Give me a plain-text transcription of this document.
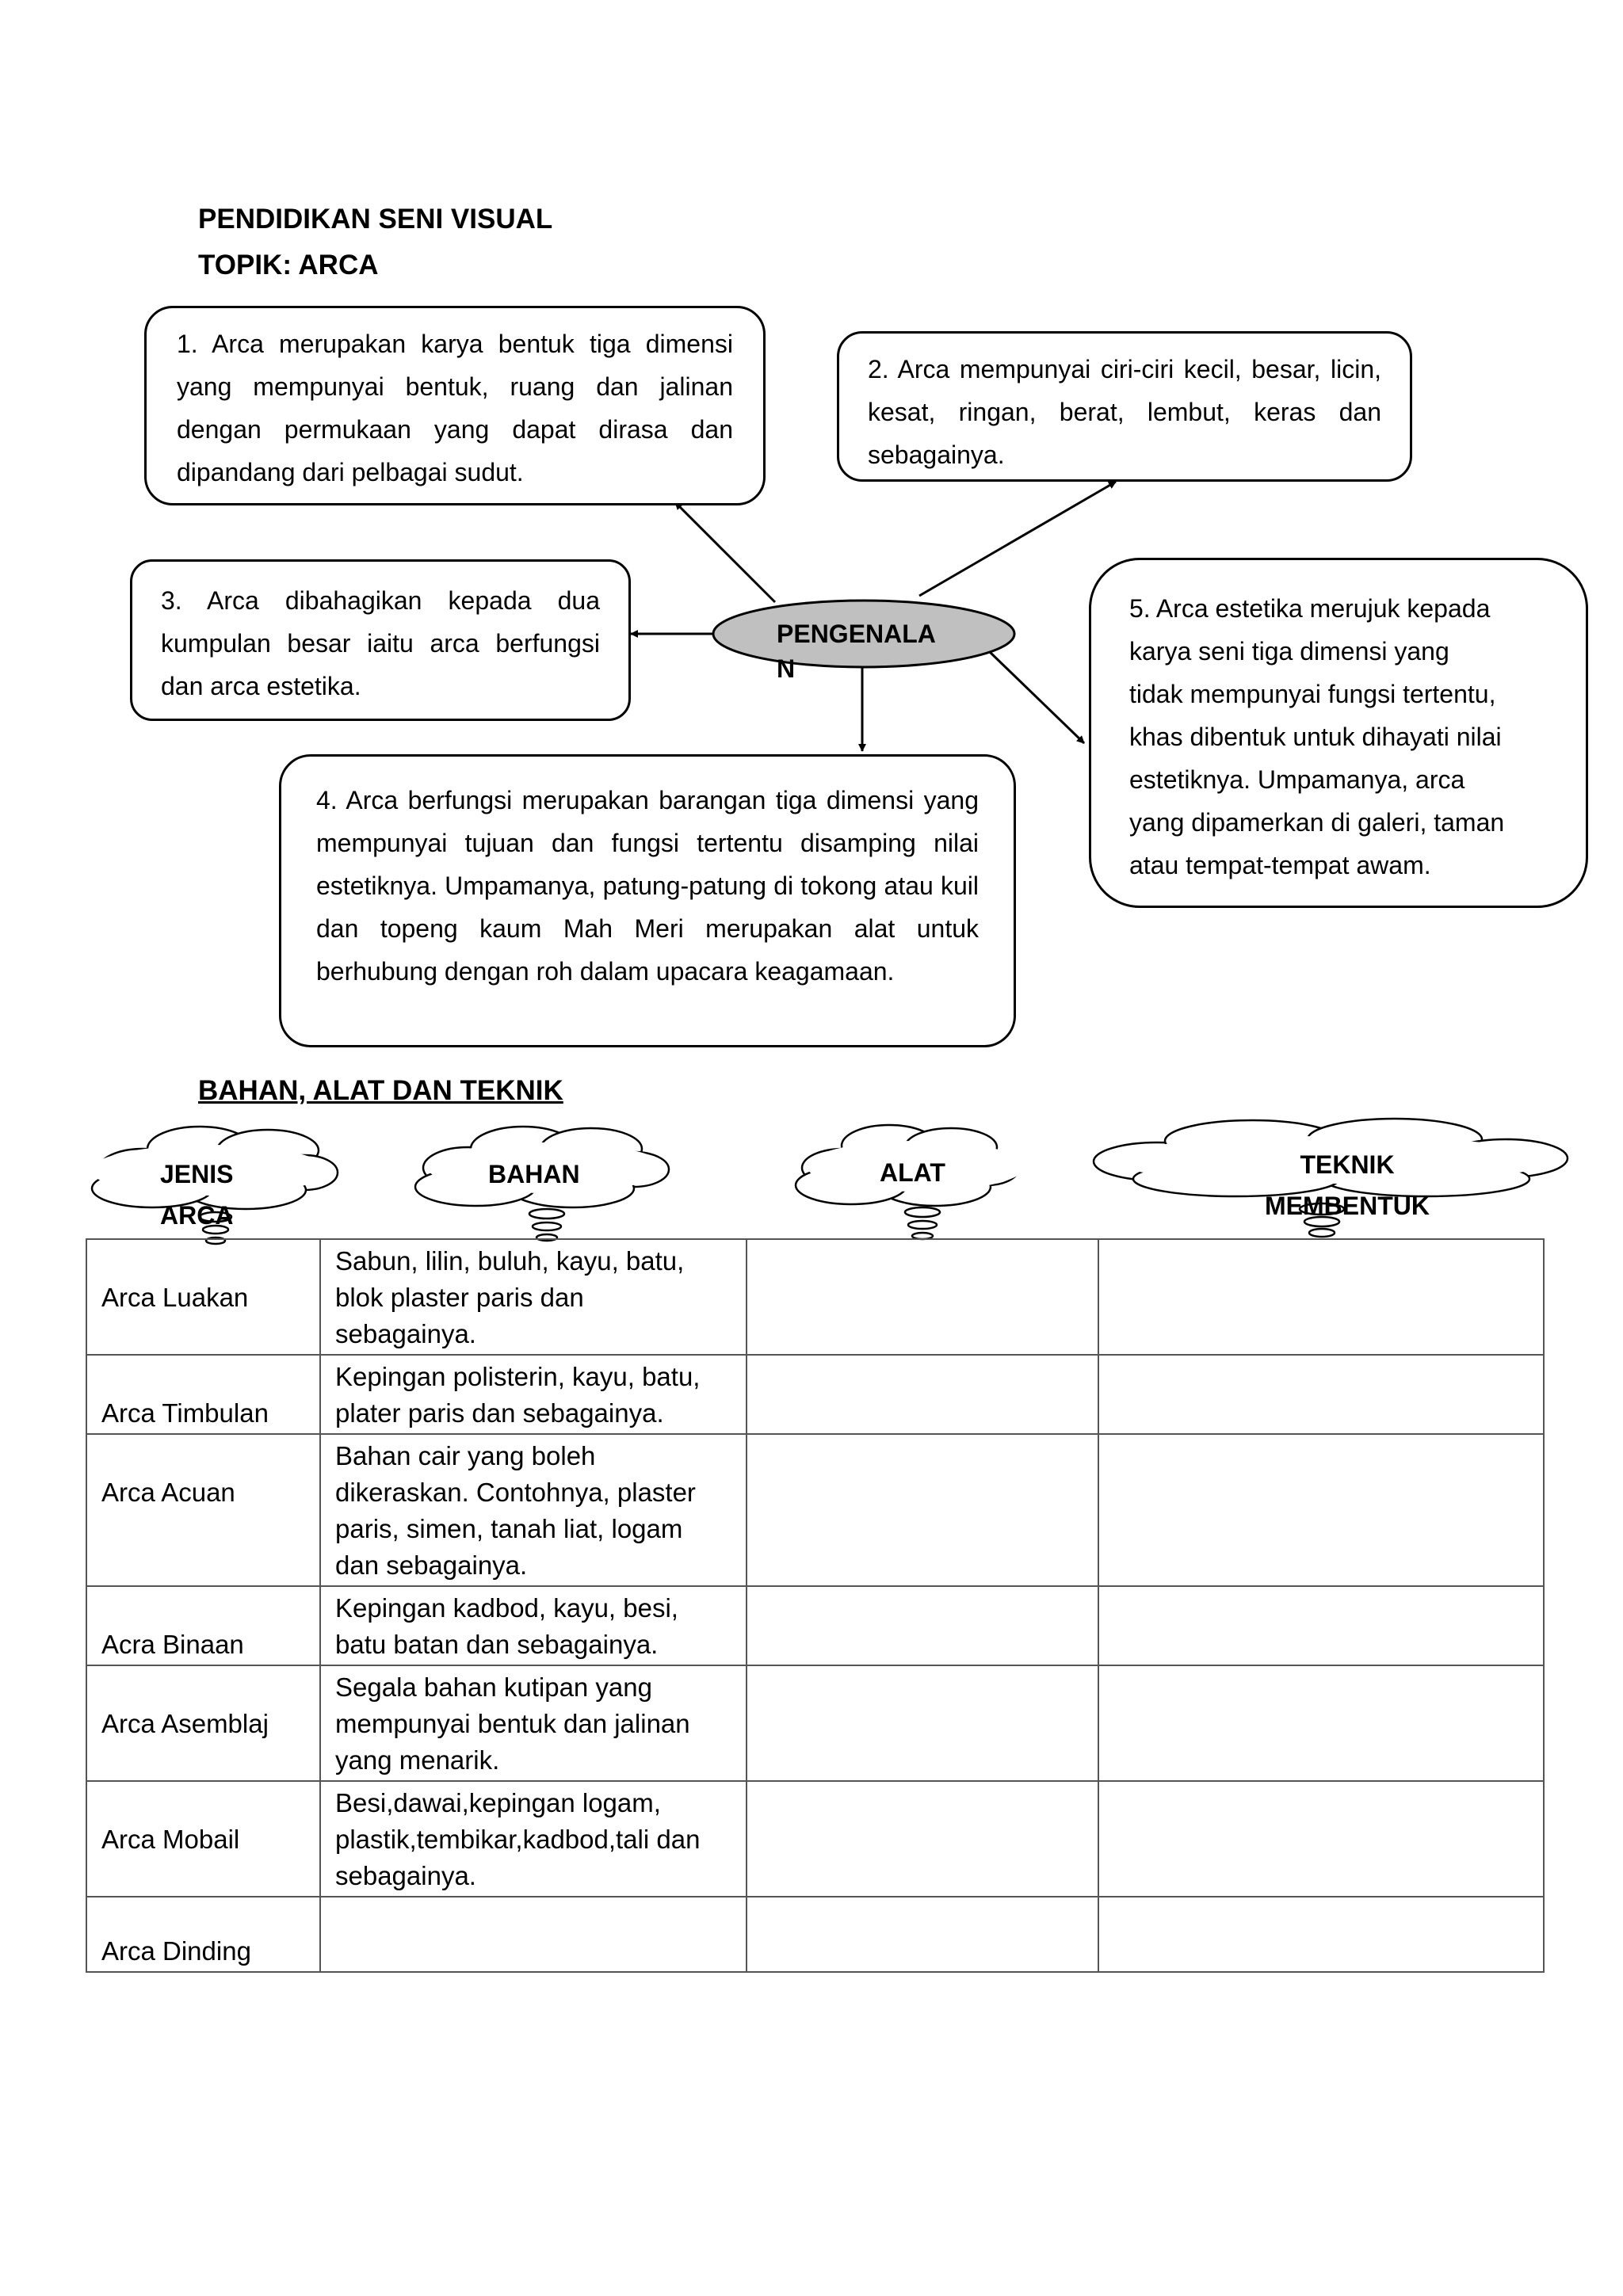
PENDIDIKAN SENI VISUAL
TOPIK: ARCA
PENGENALA
N

1. Arca merupakan karya bentuk tiga dimensi yang mempunyai bentuk, ruang dan jalinan dengan permukaan yang dapat dirasa dan dipandang dari pelbagai sudut.

2. Arca mempunyai ciri-ciri kecil, besar, licin, kesat, ringan, berat, lembut, keras dan sebagainya.

3. Arca dibahagikan kepada dua kumpulan besar iaitu arca berfungsi dan arca estetika.

4. Arca berfungsi merupakan barangan tiga dimensi yang mempunyai tujuan dan fungsi tertentu disamping nilai estetiknya. Umpamanya, patung-patung di tokong atau kuil dan topeng kaum Mah Meri merupakan alat untuk berhubung dengan roh dalam upacara keagamaan.

5. Arca estetika merujuk kepada
karya seni tiga dimensi yang
tidak mempunyai fungsi tertentu,
khas dibentuk untuk dihayati nilai
estetiknya. Umpamanya, arca
yang dipamerkan di galeri, taman
atau tempat-tempat awam.
BAHAN, ALAT DAN TEKNIK
JENIS
ARCA
BAHAN	ALAT	TEKNIK
MEMBENTUK
Arca Luakan	Sabun, lilin, buluh, kayu, batu,
blok plaster paris dan
sebagainya.		

Arca Timbulan	Kepingan polisterin, kayu, batu,
plater paris dan sebagainya.		

Arca Acuan	Bahan cair yang boleh
dikeraskan. Contohnya, plaster
paris, simen, tanah liat, logam
dan sebagainya.		

Acra Binaan	Kepingan kadbod, kayu, besi,
batu batan dan sebagainya.		

Arca Asemblaj	Segala bahan kutipan yang
mempunyai bentuk dan jalinan
yang menarik.		

Arca Mobail	Besi,dawai,kepingan logam,
plastik,tembikar,kadbod,tali dan
sebagainya.		

Arca Dinding			
